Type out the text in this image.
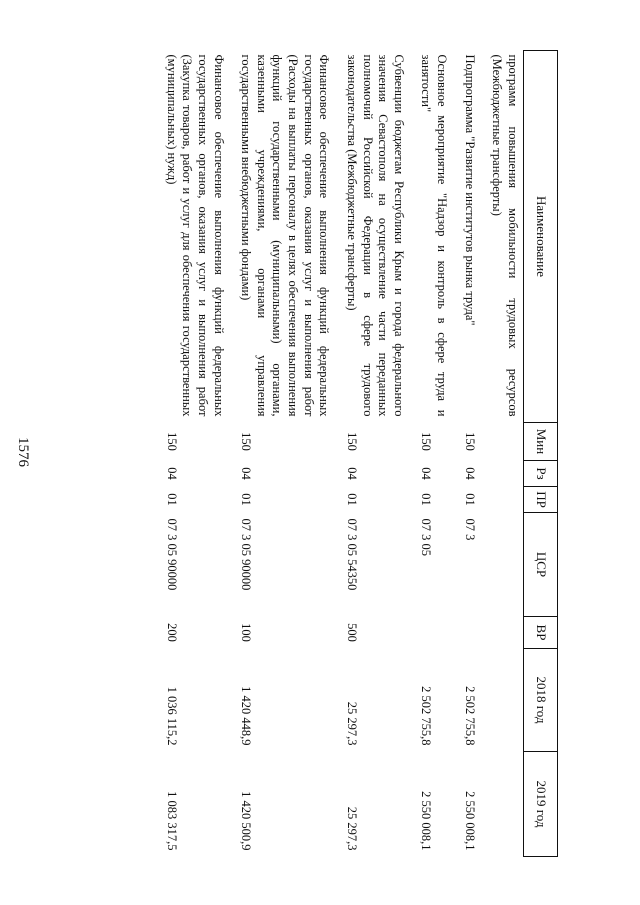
1576
Наименование	Мин	Рз	ПР	ЦСР	ВР	2018 год	2019 год
программ повышения мобильности трудовых ресурсов (Межбюджетные трансферты)							
Подпрограмма "Развитие институтов рынка труда"	150	04	01	07 3		2 502 755,8	2 550 008,1
Основное мероприятие "Надзор и контроль в сфере труда и занятости"	150	04	01	07 3 05		2 502 755,8	2 550 008,1
Субвенции бюджетам Республики Крым и города федерального значения Севастополя на осуществление части переданных полномочий Российской Федерации в сфере трудового законодательства (Межбюджетные трансферты)	150	04	01	07 3 05 54350	500	25 297,3	25 297,3
Финансовое обеспечение выполнения функций федеральных государственных органов, оказания услуг и выполнения работ (Расходы на выплаты персоналу в целях обеспечения выполнения функций государственными (муниципальными) органами, казенными учреждениями, органами управления государственными внебюджетными фондами)	150	04	01	07 3 05 90000	100	1 420 448,9	1 420 500,9
Финансовое обеспечение выполнения функций федеральных государственных органов, оказания услуг и выполнения работ (Закупка товаров, работ и услуг для обеспечения государственных (муниципальных) нужд)	150	04	01	07 3 05 90000	200	1 036 115,2	1 083 317,5
